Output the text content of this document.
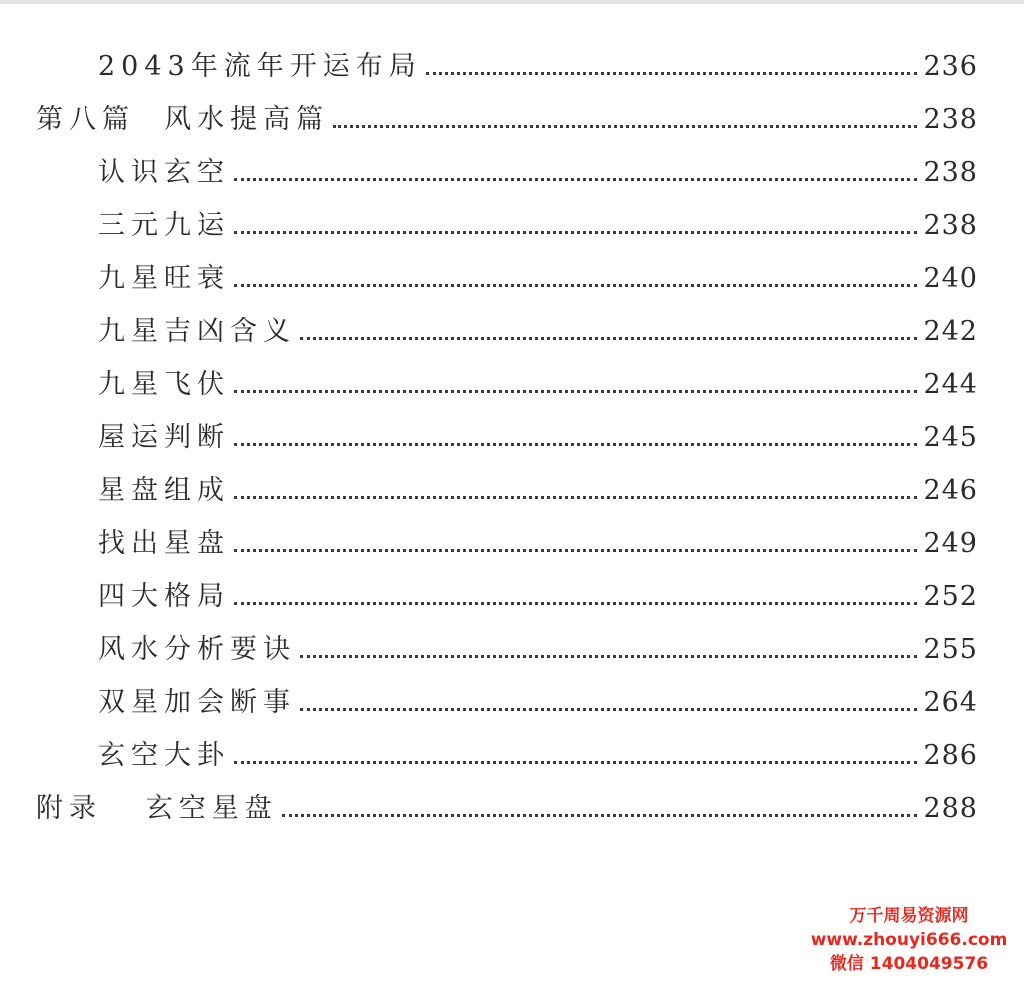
2043年流年开运布局	236
第八篇  风水提高篇	238
认识玄空	238
三元九运	238
九星旺衰	240
九星吉凶含义	242
九星飞伏	244
屋运判断	245
星盘组成	246
找出星盘	249
四大格局	252
风水分析要诀	255
双星加会断事	264
玄空大卦	286
附录   玄空星盘	288
万千周易资源网
www.zhouyi666.com
微信 1404049576
